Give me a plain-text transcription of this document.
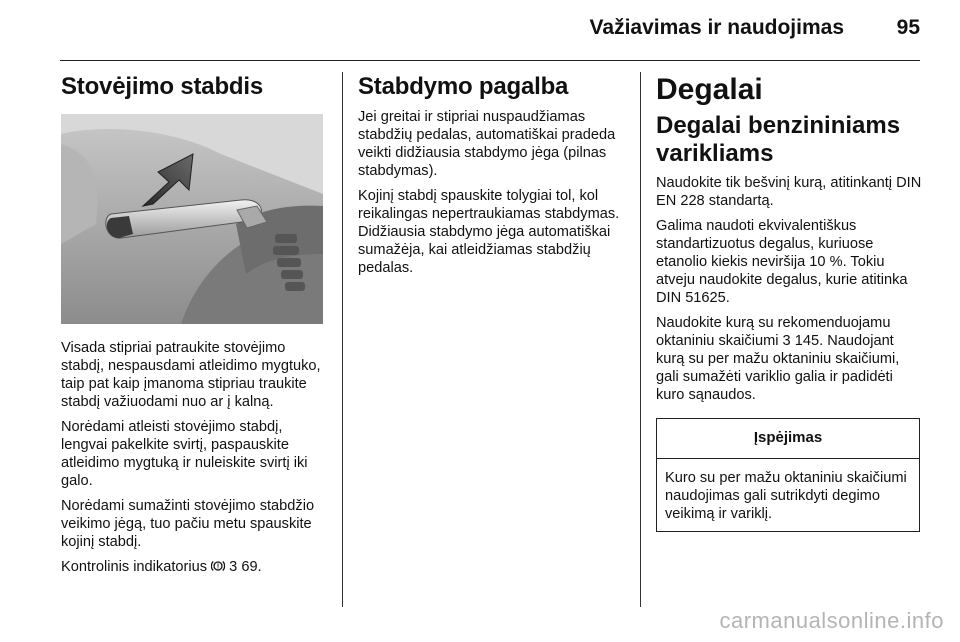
Važiavimas ir naudojimas	95
Stovėjimo stabdis

Visada stipriai patraukite stovėjimo stabdį, nespausdami atleidimo mygtuko, taip pat kaip įmanoma stipriau traukite stabdį važiuodami nuo ar į kalną.

Norėdami atleisti stovėjimo stabdį, lengvai pakelkite svirtį, paspauskite atleidimo mygtuką ir nuleiskite svirtį iki galo.

Norėdami sumažinti stovėjimo stabdžio veikimo jėgą, tuo pačiu metu spauskite kojinį stabdį.

Kontrolinis indikatorius ! 3 69.

Stabdymo pagalba

Jei greitai ir stipriai nuspaudžiamas stabdžių pedalas, automatiškai pradeda veikti didžiausia stabdymo jėga (pilnas stabdymas).

Kojinį stabdį spauskite tolygiai tol, kol reikalingas nepertraukiamas stabdymas. Didžiausia stabdymo jėga automatiškai sumažėja, kai atleidžiamas stabdžių pedalas.

Degalai
Degalai benzininiams varikliams

Naudokite tik bešvinį kurą, atitinkantį DIN EN 228 standartą.

Galima naudoti ekvivalentiškus standartizuotus degalus, kuriuose etanolio kiekis neviršija 10 %. Tokiu atveju naudokite degalus, kurie atitinka DIN 51625.

Naudokite kurą su rekomenduojamu oktaniniu skaičiumi 3 145. Naudojant kurą su per mažu oktaniniu skaičiumi, gali sumažėti variklio galia ir padidėti kuro sąnaudos.

Įspėjimas

Kuro su per mažu oktaniniu skaičiumi naudojimas gali sutrikdyti degimo veikimą ir variklį.

carmanualsonline.info
